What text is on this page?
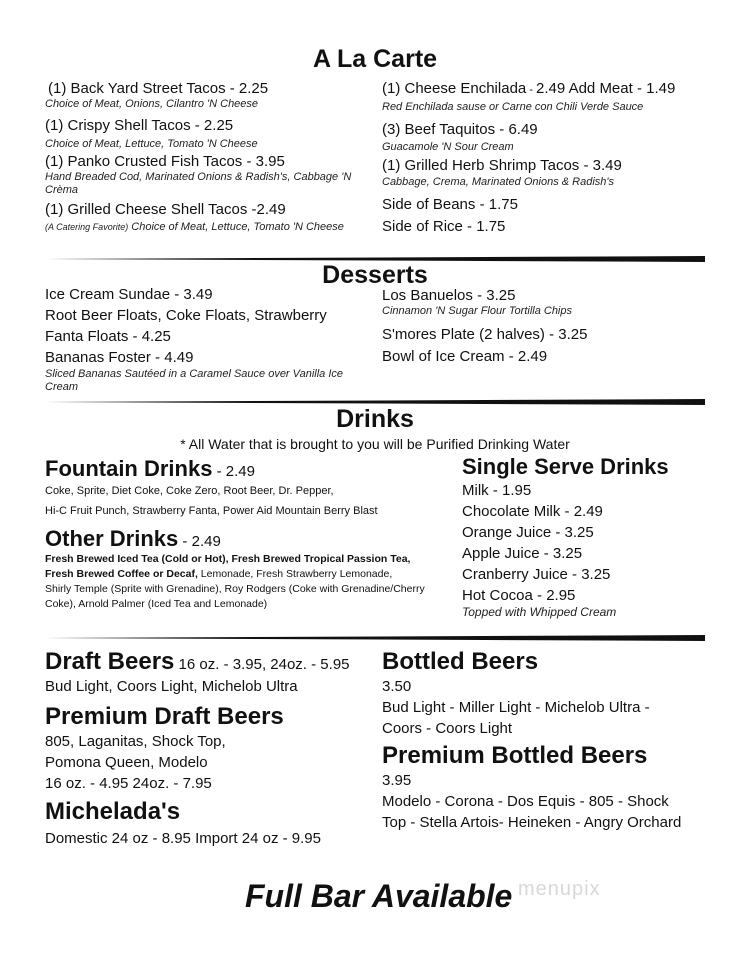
A La Carte
(1) Back Yard Street Tacos - 2.25
Choice of Meat, Onions, Cilantro 'N Cheese
(1) Crispy Shell Tacos - 2.25
Choice of Meat, Lettuce, Tomato 'N Cheese
(1) Panko Crusted Fish Tacos - 3.95
Hand Breaded Cod, Marinated Onions & Radish's, Cabbage 'N Crèma
(1) Grilled Cheese Shell Tacos -2.49
(A Catering Favorite) Choice of Meat, Lettuce, Tomato 'N Cheese
(1) Cheese Enchilada - 2.49 Add Meat - 1.49
Red Enchilada sause or Carne con Chili Verde Sauce
(3) Beef Taquitos - 6.49
Guacamole 'N Sour Cream
(1) Grilled Herb Shrimp Tacos - 3.49
Cabbage, Crema, Marinated Onions & Radish's
Side of Beans - 1.75
Side of Rice - 1.75
Desserts
Ice Cream Sundae - 3.49
Root Beer Floats, Coke Floats, Strawberry
Fanta Floats - 4.25
Bananas Foster - 4.49
Sliced Bananas Sautéed in a Caramel Sauce over Vanilla Ice Cream
Los Banuelos - 3.25
Cinnamon 'N Sugar Flour Tortilla Chips
S'mores Plate (2 halves) - 3.25
Bowl of Ice Cream - 2.49
Drinks
* All Water that is brought to you will be Purified Drinking Water
Fountain Drinks - 2.49
Coke, Sprite, Diet Coke, Coke Zero, Root Beer, Dr. Pepper,
Hi-C Fruit Punch, Strawberry Fanta, Power Aid Mountain Berry Blast
Other Drinks - 2.49
Fresh Brewed Iced Tea (Cold or Hot), Fresh Brewed Tropical Passion Tea,
Fresh Brewed Coffee or Decaf, Lemonade, Fresh Strawberry Lemonade,
Shirly Temple (Sprite with Grenadine), Roy Rodgers (Coke with Grenadine/Cherry
Coke), Arnold Palmer (Iced Tea and Lemonade)
Single Serve Drinks
Milk - 1.95
Chocolate Milk - 2.49
Orange Juice - 3.25
Apple Juice - 3.25
Cranberry Juice - 3.25
Hot Cocoa - 2.95
Topped with Whipped Cream
Draft Beers 16 oz. - 3.95, 24oz. - 5.95
Bud Light, Coors Light, Michelob Ultra
Premium Draft Beers
805, Laganitas, Shock Top,
Pomona Queen, Modelo
16 oz. - 4.95 24oz. - 7.95
Michelada's
Domestic 24 oz - 8.95 Import 24 oz - 9.95
Bottled Beers
3.50
Bud Light - Miller Light - Michelob Ultra -
Coors - Coors Light
Premium Bottled Beers
3.95
Modelo - Corona - Dos Equis - 805 - Shock
Top - Stella Artois- Heineken - Angry Orchard
Full Bar Available menupix
